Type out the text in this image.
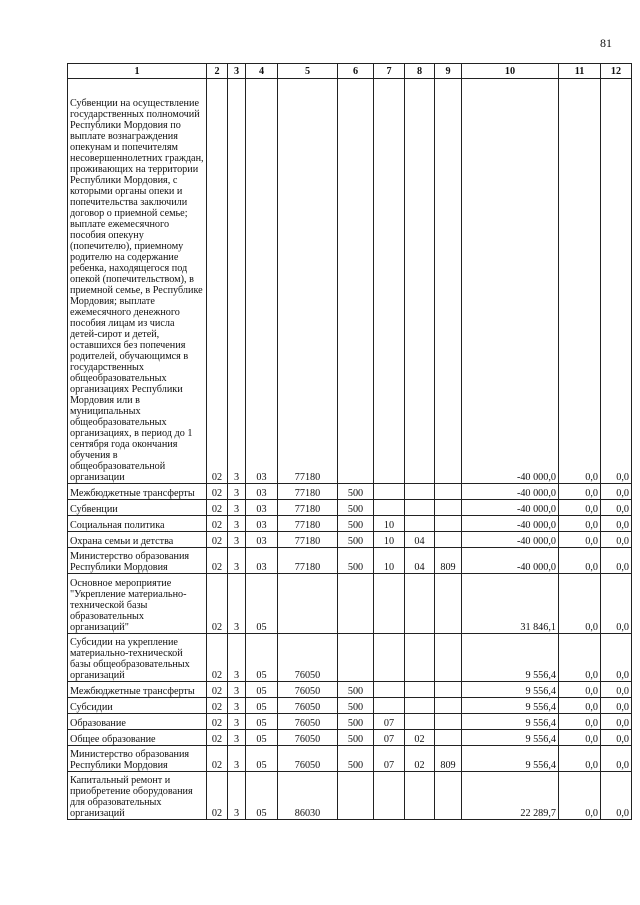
81
1	2	3	4	5	6	7	8	9	10	11	12
Субвенции на осуществление государственных полномочий Республики Мордовия по выплате вознаграждения опекунам и попечителям несовершеннолетних граждан, проживающих на территории Республики Мордовия, с которыми органы опеки и попечительства заключили договор о приемной семье; выплате ежемесячного пособия опекуну (попечителю), приемному родителю на содержание ребенка, находящегося под опекой (попечительством), в приемной семье, в Республике Мордовия; выплате ежемесячного денежного пособия лицам из числа детей-сирот и детей, оставшихся без попечения родителей, обучающимся в государственных общеобразовательных организациях Республики Мордовия или в муниципальных общеобразовательных организациях, в период до 1 сентября года окончания обучения в общеобразовательной организации	02	3	03	77180					-40 000,0	0,0	0,0
Межбюджетные трансферты	02	3	03	77180	500				-40 000,0	0,0	0,0
Субвенции	02	3	03	77180	500				-40 000,0	0,0	0,0
Социальная политика	02	3	03	77180	500	10			-40 000,0	0,0	0,0
Охрана семьи и детства	02	3	03	77180	500	10	04		-40 000,0	0,0	0,0
Министерство образования Республики Мордовия	02	3	03	77180	500	10	04	809	-40 000,0	0,0	0,0
Основное мероприятие "Укрепление материально-технической базы образовательных организаций"	02	3	05						31 846,1	0,0	0,0
Субсидии на укрепление материально-технической базы общеобразовательных организаций	02	3	05	76050					9 556,4	0,0	0,0
Межбюджетные трансферты	02	3	05	76050	500				9 556,4	0,0	0,0
Субсидии	02	3	05	76050	500				9 556,4	0,0	0,0
Образование	02	3	05	76050	500	07			9 556,4	0,0	0,0
Общее образование	02	3	05	76050	500	07	02		9 556,4	0,0	0,0
Министерство образования Республики Мордовия	02	3	05	76050	500	07	02	809	9 556,4	0,0	0,0
Капитальный ремонт и приобретение оборудования для образовательных организаций	02	3	05	86030					22 289,7	0,0	0,0
